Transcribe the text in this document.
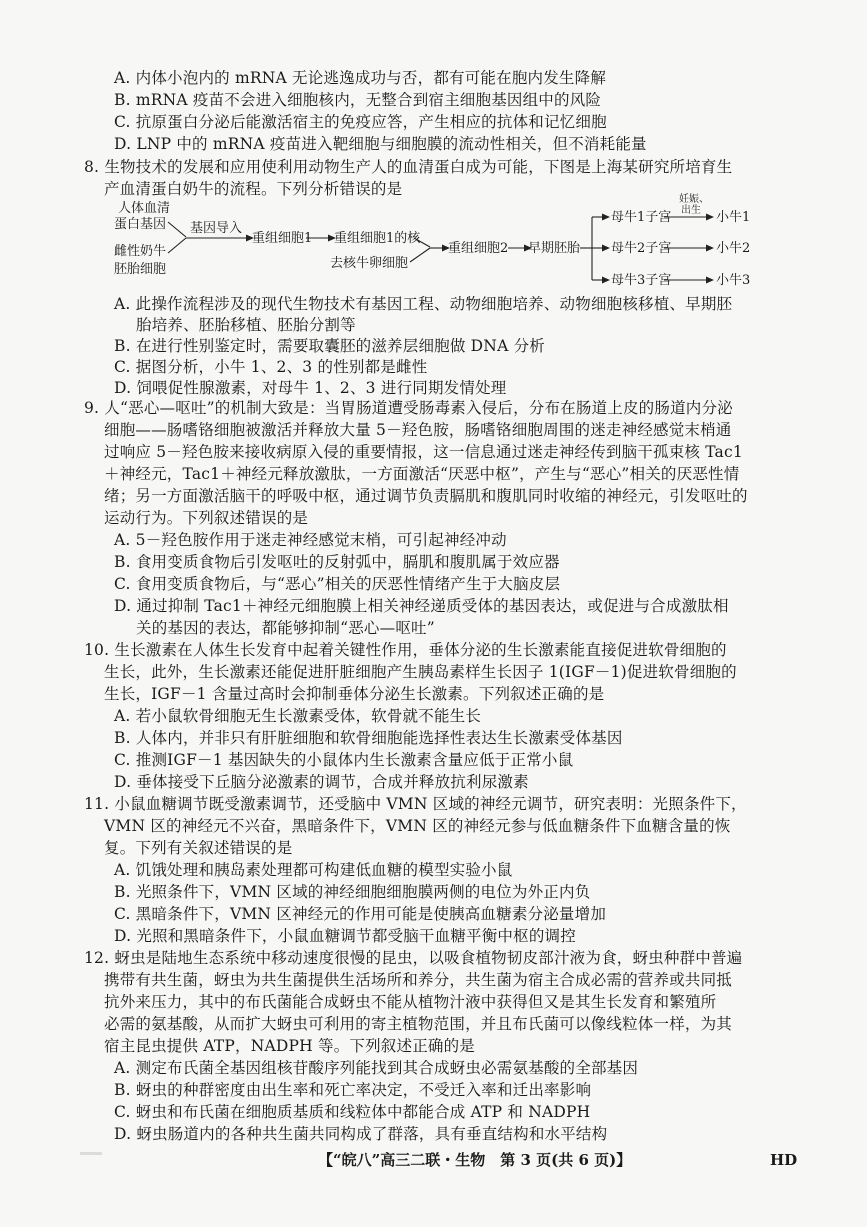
A. 内体小泡内的 mRNA 无论逃逸成功与否，都有可能在胞内发生降解
B. mRNA 疫苗不会进入细胞核内，无整合到宿主细胞基因组中的风险
C. 抗原蛋白分泌后能激活宿主的免疫应答，产生相应的抗体和记忆细胞
D. LNP 中的 mRNA 疫苗进入靶细胞与细胞膜的流动性相关，但不消耗能量
8. 生物技术的发展和应用使利用动物生产人的血清蛋白成为可能，下图是上海某研究所培育生
产血清蛋白奶牛的流程。下列分析错误的是
人体血清
蛋白基因
雌性奶牛
胚胎细胞
基因导入
重组细胞1 重组细胞1的核
去核牛卵细胞
重组细胞2 早期胚胎
母牛1子宫
母牛2子宫
母牛3子宫
妊娠、
出生 小牛1
小牛2
小牛3
A. 此操作流程涉及的现代生物技术有基因工程、动物细胞培养、动物细胞核移植、早期胚
胎培养、胚胎移植、胚胎分割等
B. 在进行性别鉴定时，需要取囊胚的滋养层细胞做 DNA 分析
C. 据图分析，小牛 1、2、3 的性别都是雌性
D. 饲喂促性腺激素，对母牛 1、2、3 进行同期发情处理
9. 人“恶心—呕吐”的机制大致是：当胃肠道遭受肠毒素入侵后，分布在肠道上皮的肠道内分泌
细胞——肠嗜铬细胞被激活并释放大量 5－羟色胺，肠嗜铬细胞周围的迷走神经感觉末梢通
过响应 5－羟色胺来接收病原入侵的重要情报，这一信息通过迷走神经传到脑干孤束核 Tac1
＋神经元，Tac1＋神经元释放激肽，一方面激活“厌恶中枢”，产生与“恶心”相关的厌恶性情
绪；另一方面激活脑干的呼吸中枢，通过调节负责膈肌和腹肌同时收缩的神经元，引发呕吐的
运动行为。下列叙述错误的是
A. 5－羟色胺作用于迷走神经感觉末梢，可引起神经冲动
B. 食用变质食物后引发呕吐的反射弧中，膈肌和腹肌属于效应器
C. 食用变质食物后，与“恶心”相关的厌恶性情绪产生于大脑皮层
D. 通过抑制 Tac1＋神经元细胞膜上相关神经递质受体的基因表达，或促进与合成激肽相
关的基因的表达，都能够抑制“恶心—呕吐”
10. 生长激素在人体生长发育中起着关键性作用，垂体分泌的生长激素能直接促进软骨细胞的
生长，此外，生长激素还能促进肝脏细胞产生胰岛素样生长因子 1(IGF－1)促进软骨细胞的
生长，IGF－1 含量过高时会抑制垂体分泌生长激素。下列叙述正确的是
A. 若小鼠软骨细胞无生长激素受体，软骨就不能生长
B. 人体内，并非只有肝脏细胞和软骨细胞能选择性表达生长激素受体基因
C. 推测IGF－1 基因缺失的小鼠体内生长激素含量应低于正常小鼠
D. 垂体接受下丘脑分泌激素的调节，合成并释放抗利尿激素
11. 小鼠血糖调节既受激素调节，还受脑中 VMN 区域的神经元调节，研究表明：光照条件下，
VMN 区的神经元不兴奋，黑暗条件下，VMN 区的神经元参与低血糖条件下血糖含量的恢
复。下列有关叙述错误的是
A. 饥饿处理和胰岛素处理都可构建低血糖的模型实验小鼠
B. 光照条件下，VMN 区域的神经细胞细胞膜两侧的电位为外正内负
C. 黑暗条件下，VMN 区神经元的作用可能是使胰高血糖素分泌量增加
D. 光照和黑暗条件下，小鼠血糖调节都受脑干血糖平衡中枢的调控
12. 蚜虫是陆地生态系统中移动速度很慢的昆虫，以吸食植物韧皮部汁液为食，蚜虫种群中普遍
携带有共生菌，蚜虫为共生菌提供生活场所和养分，共生菌为宿主合成必需的营养或共同抵
抗外来压力，其中的布氏菌能合成蚜虫不能从植物汁液中获得但又是其生长发育和繁殖所
必需的氨基酸，从而扩大蚜虫可利用的寄主植物范围，并且布氏菌可以像线粒体一样，为其
宿主昆虫提供 ATP，NADPH 等。下列叙述正确的是
A. 测定布氏菌全基因组核苷酸序列能找到其合成蚜虫必需氨基酸的全部基因
B. 蚜虫的种群密度由出生率和死亡率决定，不受迁入率和迁出率影响
C. 蚜虫和布氏菌在细胞质基质和线粒体中都能合成 ATP 和 NADPH
D. 蚜虫肠道内的各种共生菌共同构成了群落，具有垂直结构和水平结构
【“皖八”高三二联・生物　第 3 页(共 6 页)】	HD
